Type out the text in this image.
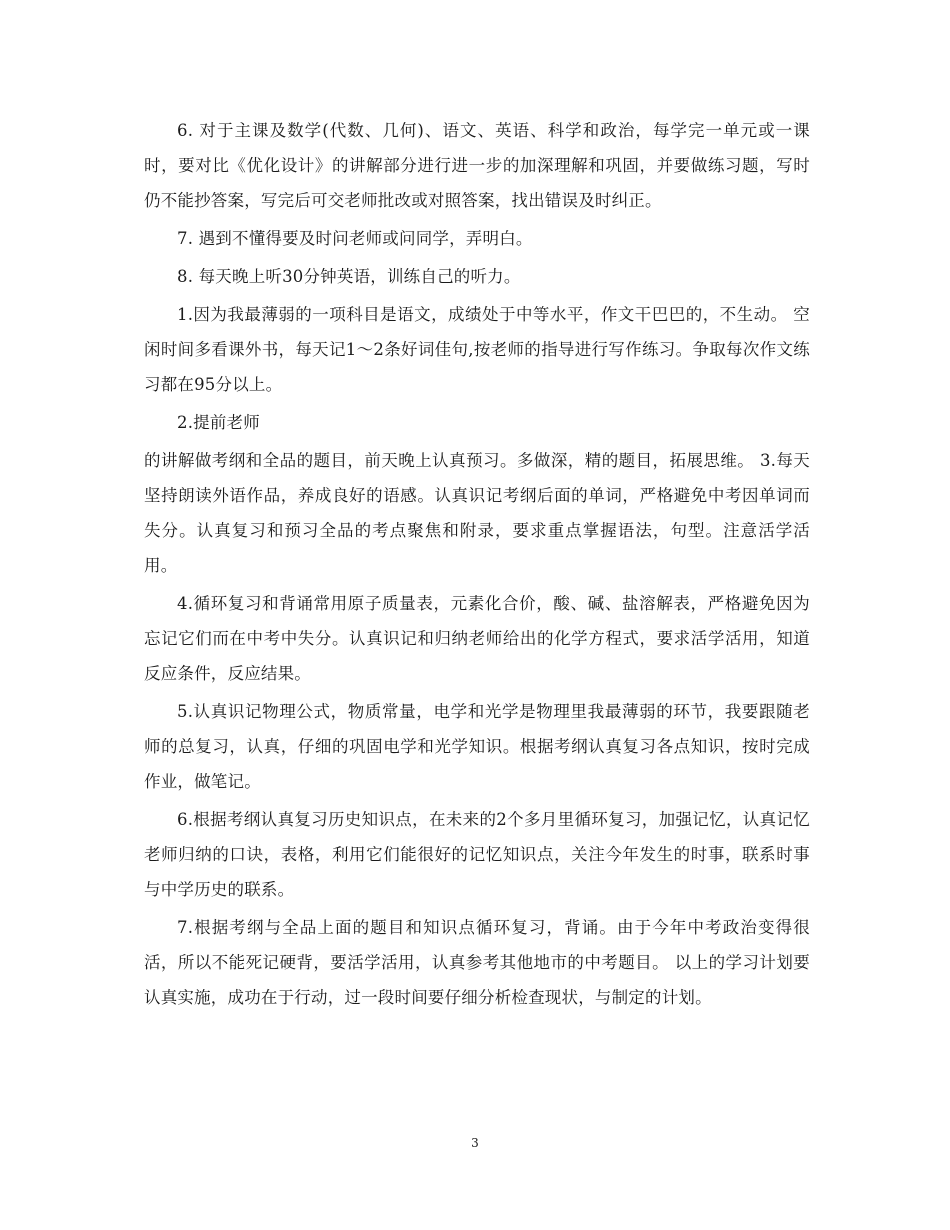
6. 对于主课及数学(代数、几何)、语文、英语、科学和政治，每学完一单元或一课时，要对比《优化设计》的讲解部分进行进一步的加深理解和巩固，并要做练习题，写时仍不能抄答案，写完后可交老师批改或对照答案，找出错误及时纠正。

7. 遇到不懂得要及时问老师或问同学，弄明白。

8. 每天晚上听30分钟英语，训练自己的听力。

1.因为我最薄弱的一项科目是语文，成绩处于中等水平，作文干巴巴的，不生动。 空闲时间多看课外书，每天记1～2条好词佳句,按老师的指导进行写作练习。争取每次作文练习都在95分以上。

2.提前老师

的讲解做考纲和全品的题目，前天晚上认真预习。多做深，精的题目，拓展思维。 3.每天坚持朗读外语作品，养成良好的语感。认真识记考纲后面的单词，严格避免中考因单词而失分。认真复习和预习全品的考点聚焦和附录，要求重点掌握语法，句型。注意活学活用。

4.循环复习和背诵常用原子质量表，元素化合价，酸、碱、盐溶解表，严格避免因为忘记它们而在中考中失分。认真识记和归纳老师给出的化学方程式，要求活学活用，知道反应条件，反应结果。

5.认真识记物理公式，物质常量，电学和光学是物理里我最薄弱的环节，我要跟随老师的总复习，认真，仔细的巩固电学和光学知识。根据考纲认真复习各点知识，按时完成作业，做笔记。

6.根据考纲认真复习历史知识点，在未来的2个多月里循环复习，加强记忆，认真记忆老师归纳的口诀，表格，利用它们能很好的记忆知识点，关注今年发生的时事，联系时事与中学历史的联系。

7.根据考纲与全品上面的题目和知识点循环复习，背诵。由于今年中考政治变得很活，所以不能死记硬背，要活学活用，认真参考其他地市的中考题目。 以上的学习计划要认真实施，成功在于行动，过一段时间要仔细分析检查现状，与制定的计划。

3
